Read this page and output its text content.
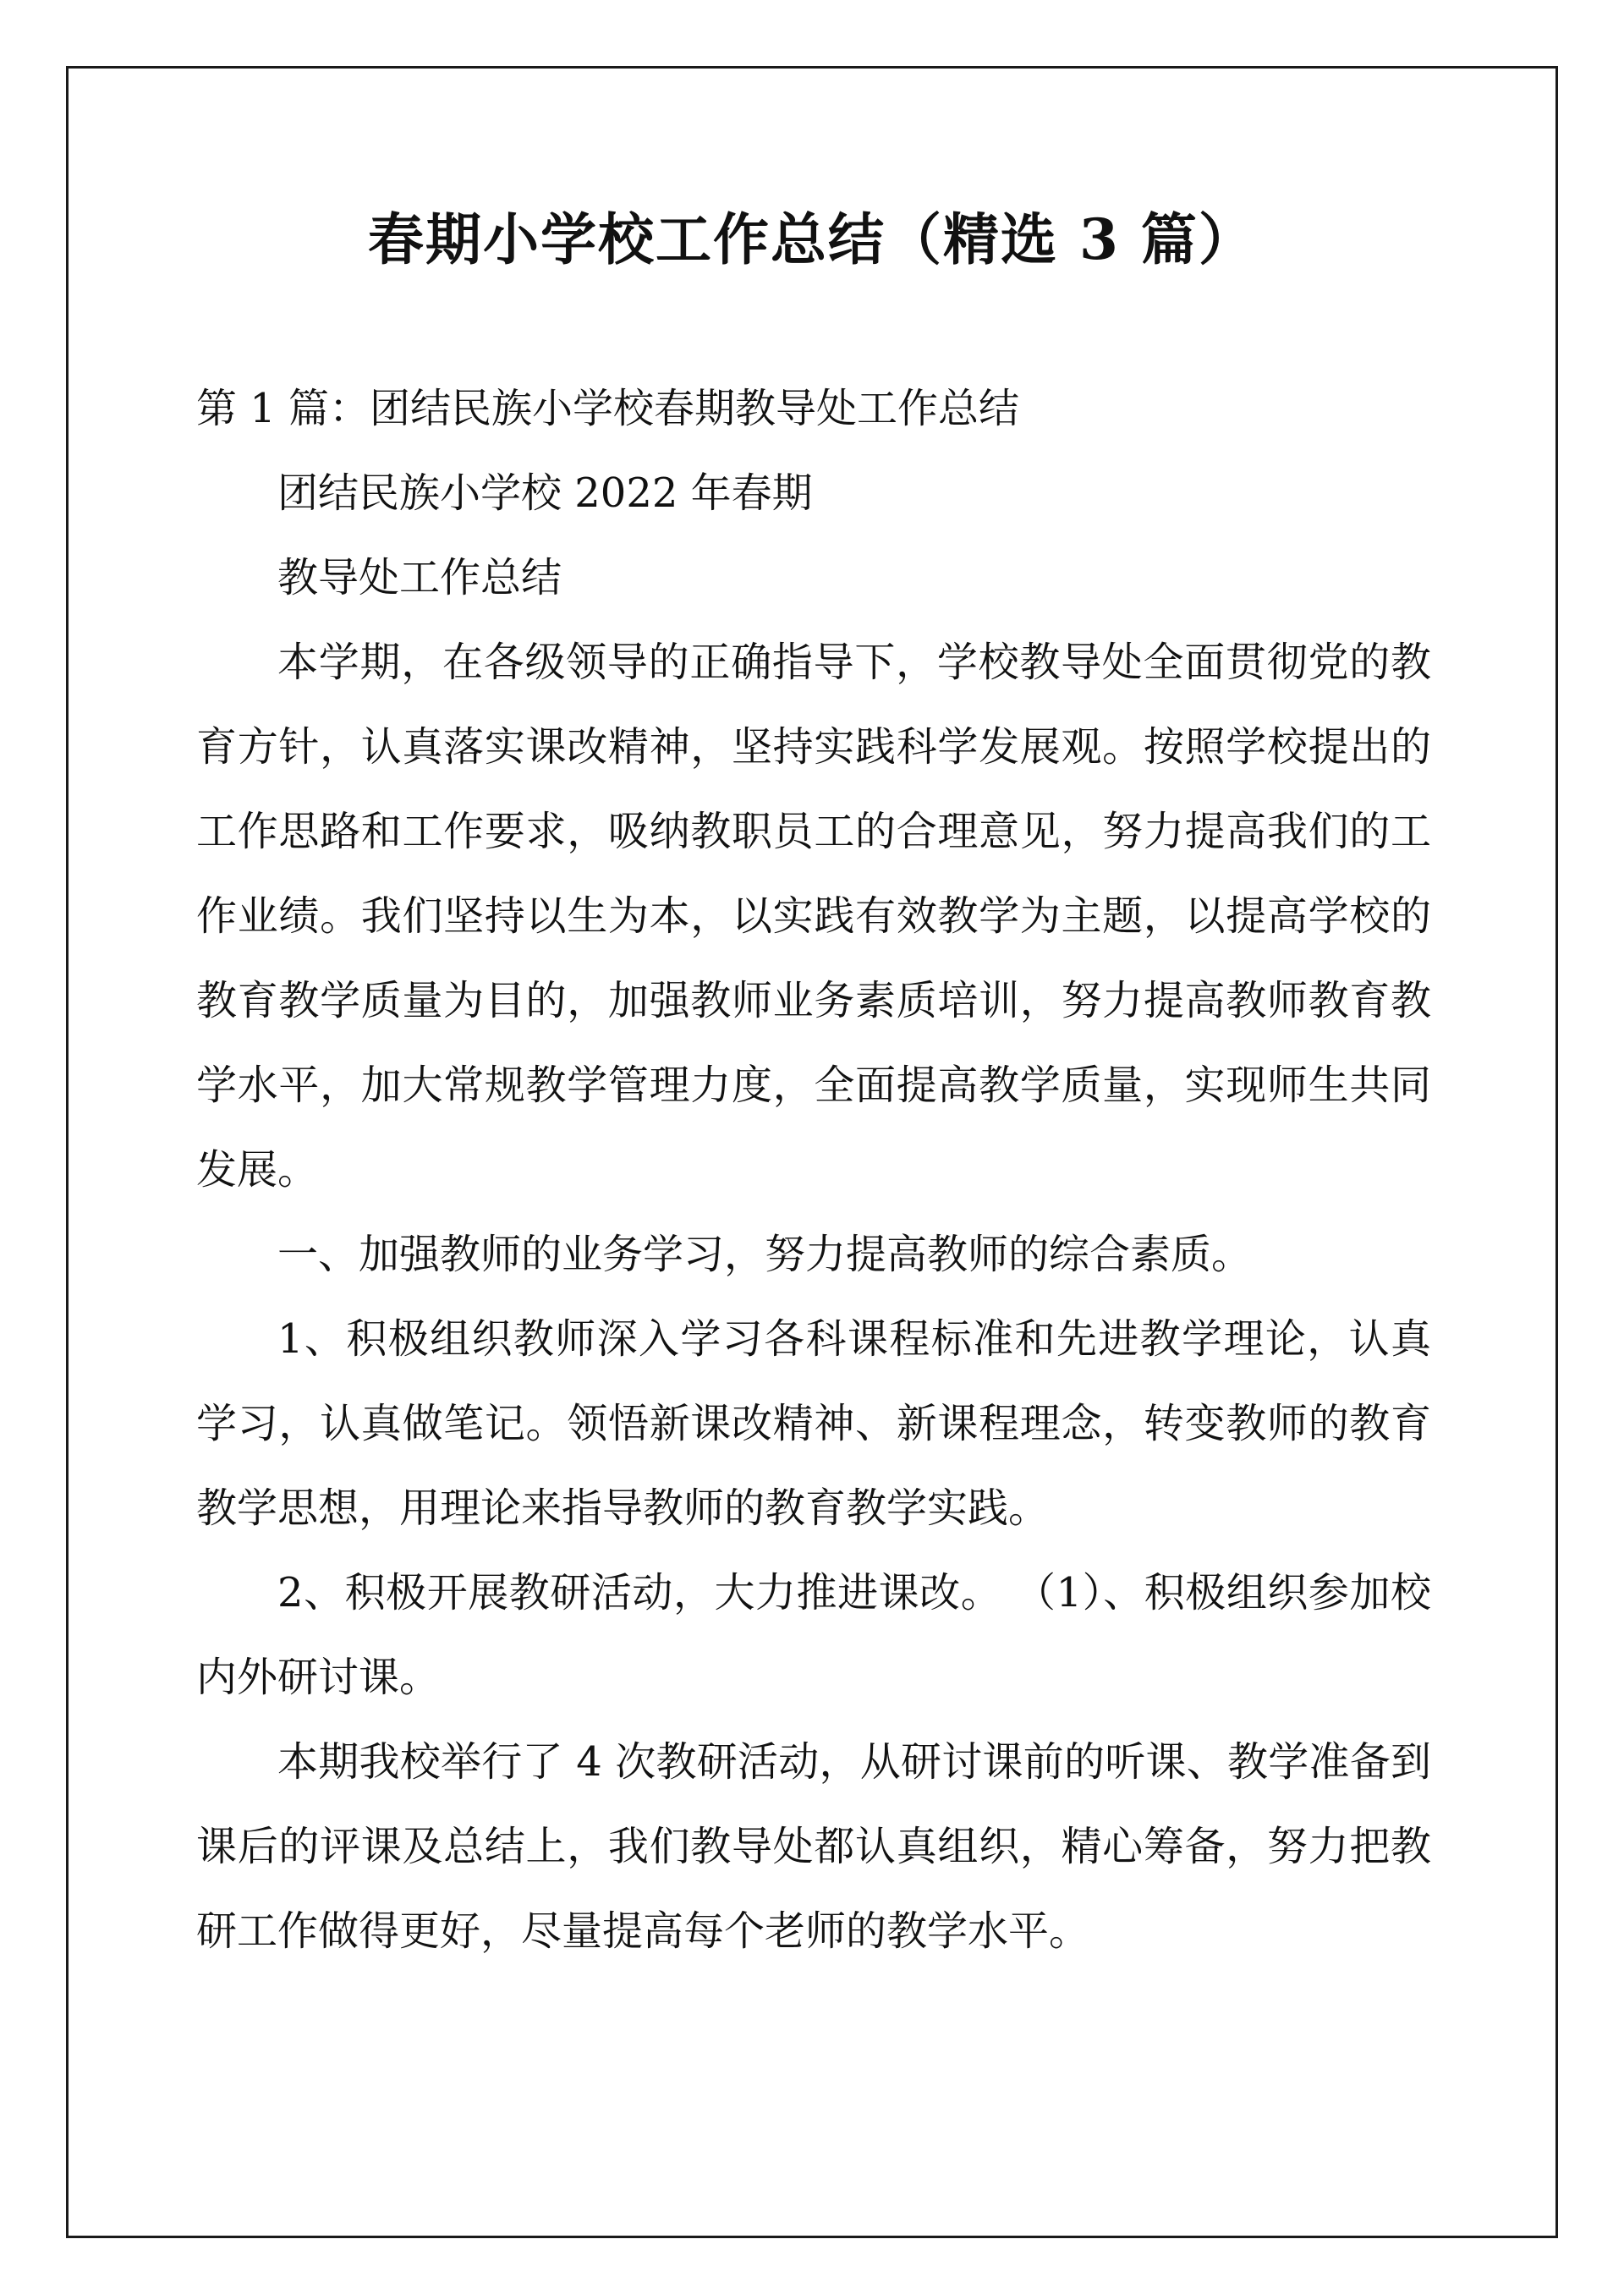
春期小学校工作总结（精选 3 篇）

第 1 篇：团结民族小学校春期教导处工作总结

团结民族小学校 2022 年春期

教导处工作总结

本学期，在各级领导的正确指导下，学校教导处全面贯彻党的教育方针，认真落实课改精神，坚持实践科学发展观。按照学校提出的工作思路和工作要求，吸纳教职员工的合理意见，努力提高我们的工作业绩。我们坚持以生为本，以实践有效教学为主题，以提高学校的教育教学质量为目的，加强教师业务素质培训，努力提高教师教育教学水平，加大常规教学管理力度，全面提高教学质量，实现师生共同发展。

一、加强教师的业务学习，努力提高教师的综合素质。

1、积极组织教师深入学习各科课程标准和先进教学理论，认真学习，认真做笔记。领悟新课改精神、新课程理念，转变教师的教育教学思想，用理论来指导教师的教育教学实践。

2、积极开展教研活动，大力推进课改。 （1）、积极组织参加校内外研讨课。

本期我校举行了 4 次教研活动，从研讨课前的听课、教学准备到课后的评课及总结上，我们教导处都认真组织，精心筹备，努力把教研工作做得更好，尽量提高每个老师的教学水平。
